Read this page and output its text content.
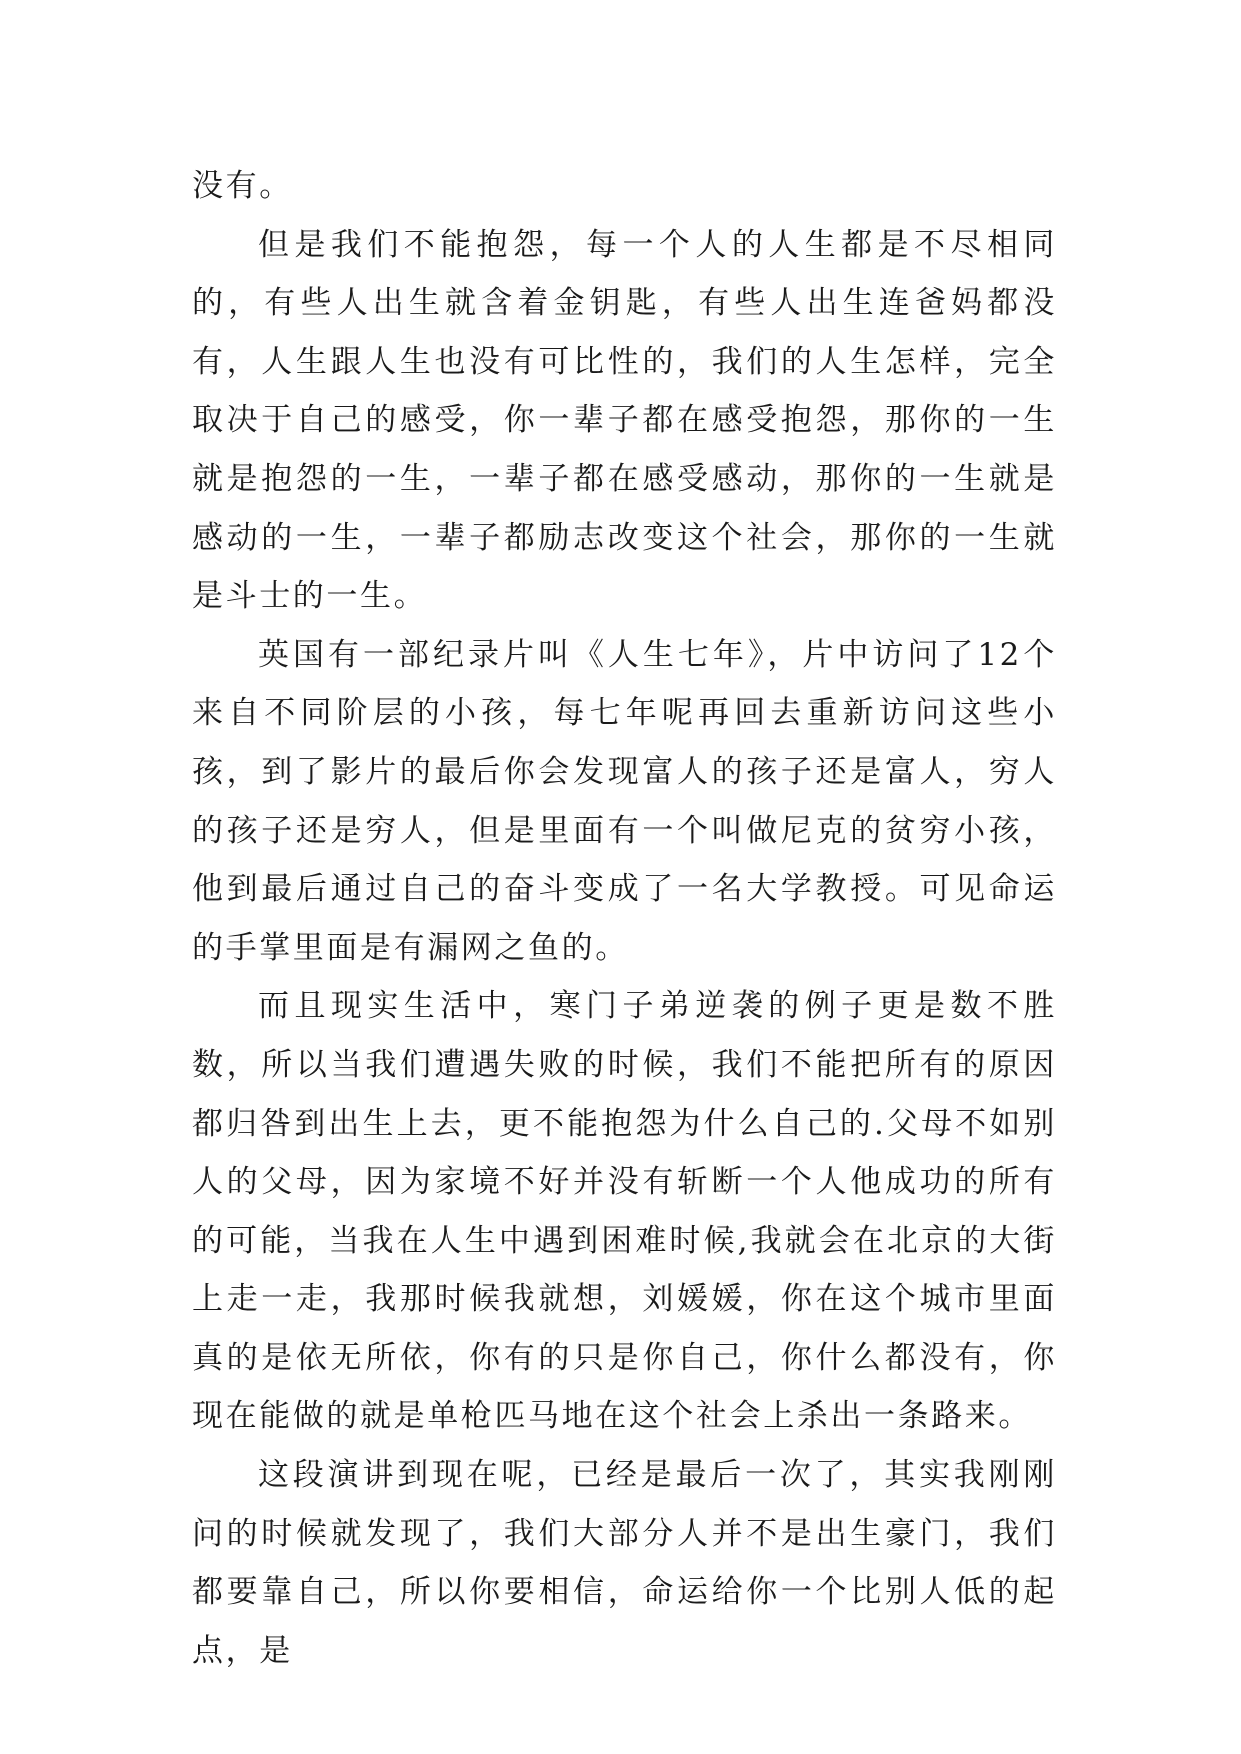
没有。

但是我们不能抱怨，每一个人的人生都是不尽相同的，有些人出生就含着金钥匙，有些人出生连爸妈都没有，人生跟人生也没有可比性的，我们的人生怎样，完全取决于自己的感受，你一辈子都在感受抱怨，那你的一生就是抱怨的一生，一辈子都在感受感动，那你的一生就是感动的一生，一辈子都励志改变这个社会，那你的一生就是斗士的一生。

英国有一部纪录片叫《人生七年》，片中访问了12个来自不同阶层的小孩，每七年呢再回去重新访问这些小孩，到了影片的最后你会发现富人的孩子还是富人，穷人的孩子还是穷人，但是里面有一个叫做尼克的贫穷小孩，他到最后通过自己的奋斗变成了一名大学教授。可见命运的手掌里面是有漏网之鱼的。

而且现实生活中，寒门子弟逆袭的例子更是数不胜数，所以当我们遭遇失败的时候，我们不能把所有的原因都归咎到出生上去，更不能抱怨为什么自己的.父母不如别人的父母，因为家境不好并没有斩断一个人他成功的所有的可能，当我在人生中遇到困难时候,我就会在北京的大街上走一走，我那时候我就想，刘媛媛，你在这个城市里面真的是依无所依，你有的只是你自己，你什么都没有，你现在能做的就是单枪匹马地在这个社会上杀出一条路来。

这段演讲到现在呢，已经是最后一次了，其实我刚刚问的时候就发现了，我们大部分人并不是出生豪门，我们都要靠自己，所以你要相信，命运给你一个比别人低的起点，是
